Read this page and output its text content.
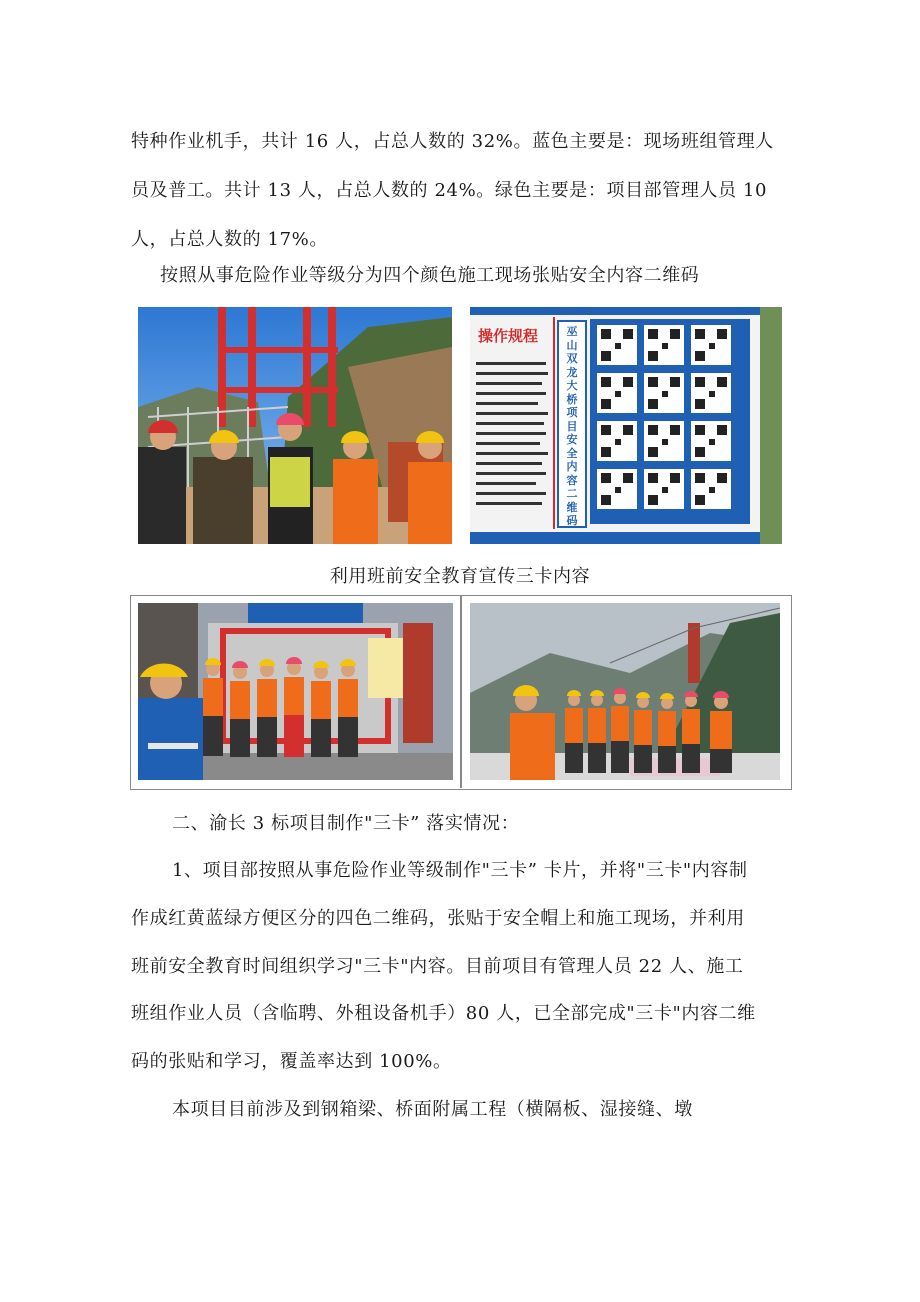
特种作业机手，共计 16 人，占总人数的 32%。蓝色主要是：现场班组管理人
员及普工。共计 13 人，占总人数的 24%。绿色主要是：项目部管理人员 10
人，占总人数的 17%。
按照从事危险作业等级分为四个颜色施工现场张贴安全内容二维码
操作规程	巫山双龙大桥项目安全内容二维码
利用班前安全教育宣传三卡内容
二、渝长 3 标项目制作"三卡” 落实情况：
1、项目部按照从事危险作业等级制作"三卡” 卡片，并将"三卡"内容制
作成红黄蓝绿方便区分的四色二维码，张贴于安全帽上和施工现场，并利用
班前安全教育时间组织学习"三卡"内容。目前项目有管理人员 22 人、施工
班组作业人员（含临聘、外租设备机手）80 人，已全部完成"三卡"内容二维
码的张贴和学习，覆盖率达到 100%。
本项目目前涉及到钢箱梁、桥面附属工程（横隔板、湿接缝、墩
